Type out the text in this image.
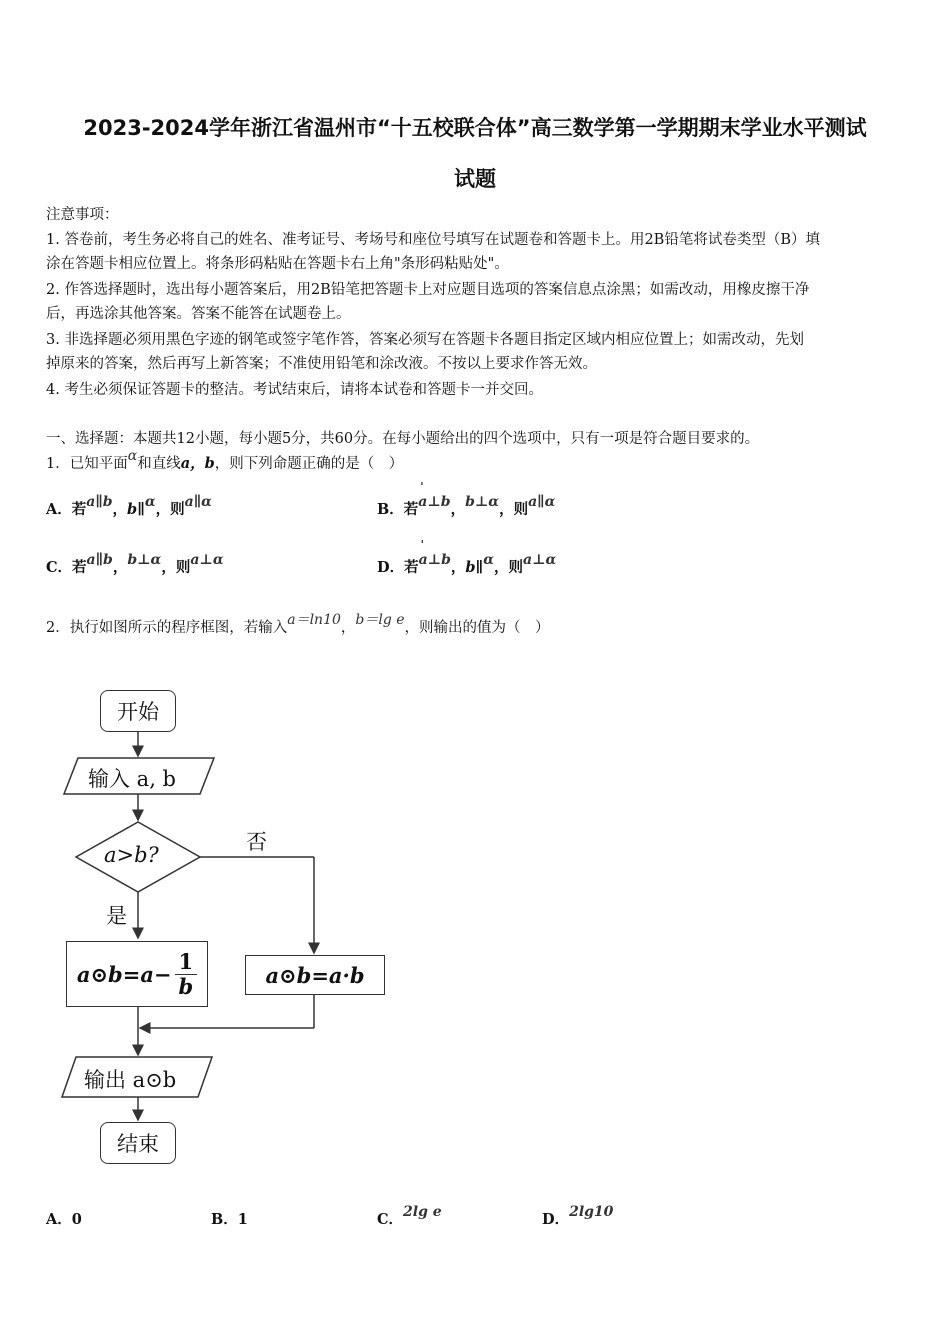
2023-2024学年浙江省温州市“十五校联合体”高三数学第一学期期末学业水平测试
试题
注意事项：
1. 答卷前，考生务必将自己的姓名、准考证号、考场号和座位号填写在试题卷和答题卡上。用2B铅笔将试卷类型（B）填
涂在答题卡相应位置上。将条形码粘贴在答题卡右上角"条形码粘贴处"。
2. 作答选择题时，选出每小题答案后，用2B铅笔把答题卡上对应题目选项的答案信息点涂黑；如需改动，用橡皮擦干净
后，再选涂其他答案。答案不能答在试题卷上。
3. 非选择题必须用黑色字迹的钢笔或签字笔作答，答案必须写在答题卡各题目指定区域内相应位置上；如需改动，先划
掉原来的答案，然后再写上新答案；不准使用铅笔和涂改液。不按以上要求作答无效。
4. 考生必须保证答题卡的整洁。考试结束后，请将本试卷和答题卡一并交回。
一、选择题：本题共12小题，每小题5分，共60分。在每小题给出的四个选项中，只有一项是符合题目要求的。
1．已知平面α和直线a，b，则下列命题正确的是（　）
A．若a∥b，b∥α，则a∥α	B．若' a⊥b，b⊥α，则a∥α
C．若a∥b，b⊥α，则a⊥α	D．若' a⊥b，b∥α，则a⊥α
2．执行如图所示的程序框图，若输入a＝ln10，b＝lg e，则输出的值为（　）
开始
输入 a, b
a>b?
否
是
a⊙b=a− $\frac{1}{b}$	a⊙b=a·b
输出 a⊙b
结束
A．0	B．1	C．2lg e	D．2lg10
